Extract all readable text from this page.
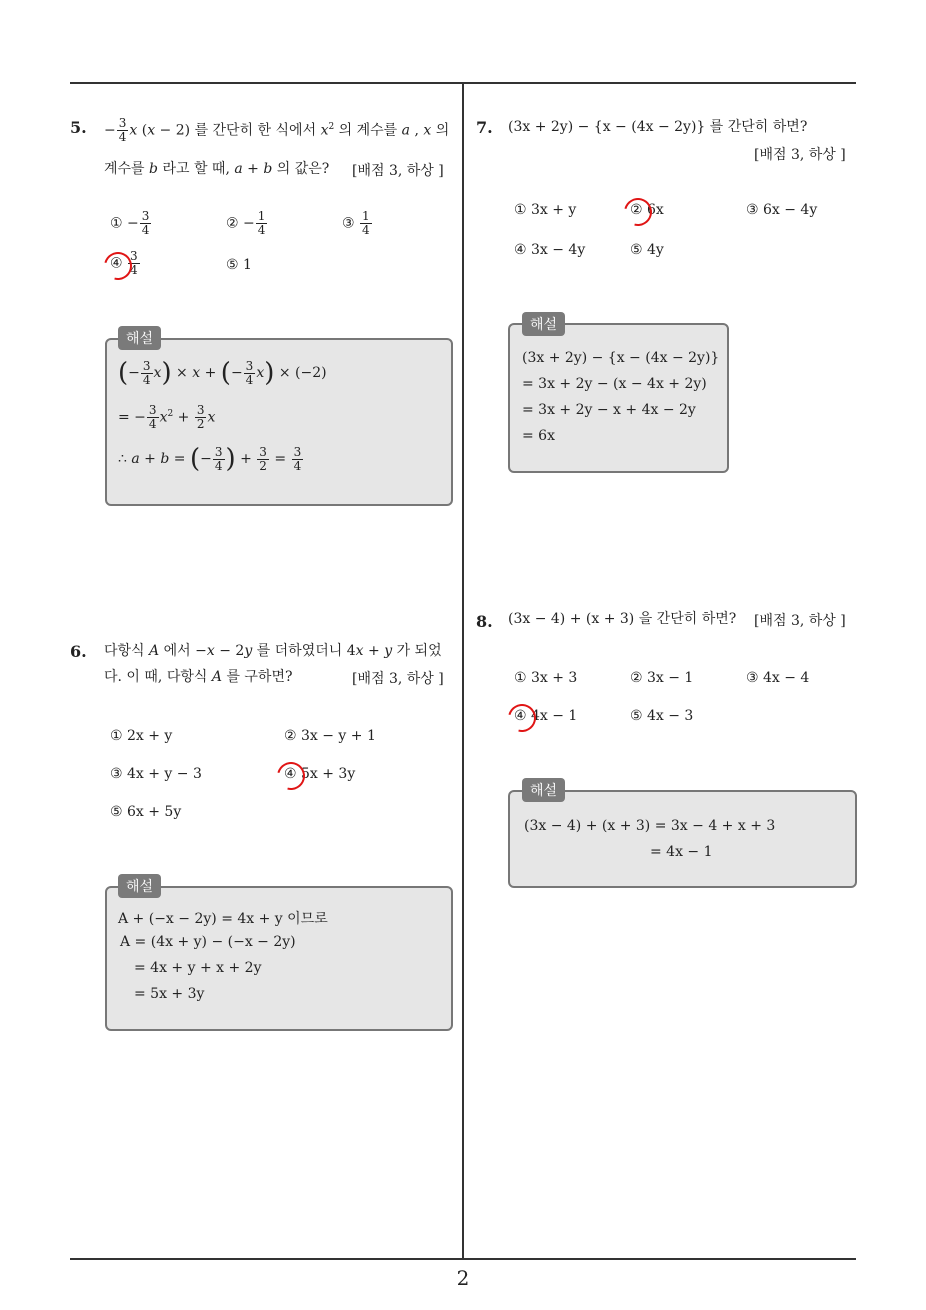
5. − $\frac{3}{4}$ x (x − 2) 를 간단히 한 식에서 $x^2$ 의 계수를 a , x 의
계수를 b 라고 할 때, a + b 의 값은? [배점 3, 하상 ]
① − $\frac{3}{4}$	② − $\frac{1}{4}$	③ $\frac{1}{4}$
④ $\frac{3}{4}$	⑤ 1
해설
(− $\frac{3}{4} x) \times x$ + (− $\frac{3}{4} x) \times (-2)$
= − $\frac{3}{4} x^2 + \frac{3}{2}$ x
∴ a + b = (− $\frac{3}{4}$ ) + $\frac{3}{2} = \frac{3}{4}$
6. 다항식 A 에서 −x − 2y 를 더하였더니 4x + y 가 되었
다. 이 때, 다항식 A 를 구하면?	[배점 3, 하상 ]
① 2x + y	② 3x − y + 1
③ 4x + y − 3	④ 5x + 3y
⑤ 6x + 5y
해설
A + (−x − 2y) = 4x + y 이므로
A = (4x + y) − (−x − 2y)
= 4x + y + x + 2y
= 5x + 3y
7. (3x + 2y) − {x − (4x − 2y)} 를 간단히 하면?
[배점 3, 하상 ]
① 3x + y	② 6x	③ 6x − 4y
④ 3x − 4y	⑤ 4y
해설
(3x + 2y) − {x − (4x − 2y)}
= 3x + 2y − (x − 4x + 2y)
= 3x + 2y − x + 4x − 2y
= 6x
8. (3x − 4) + (x + 3) 을 간단히 하면? [배점 3, 하상 ]
① 3x + 3	② 3x − 1	③ 4x − 4
④ 4x − 1	⑤ 4x − 3
해설
(3x − 4) + (x + 3) = 3x − 4 + x + 3
= 4x − 1
2
